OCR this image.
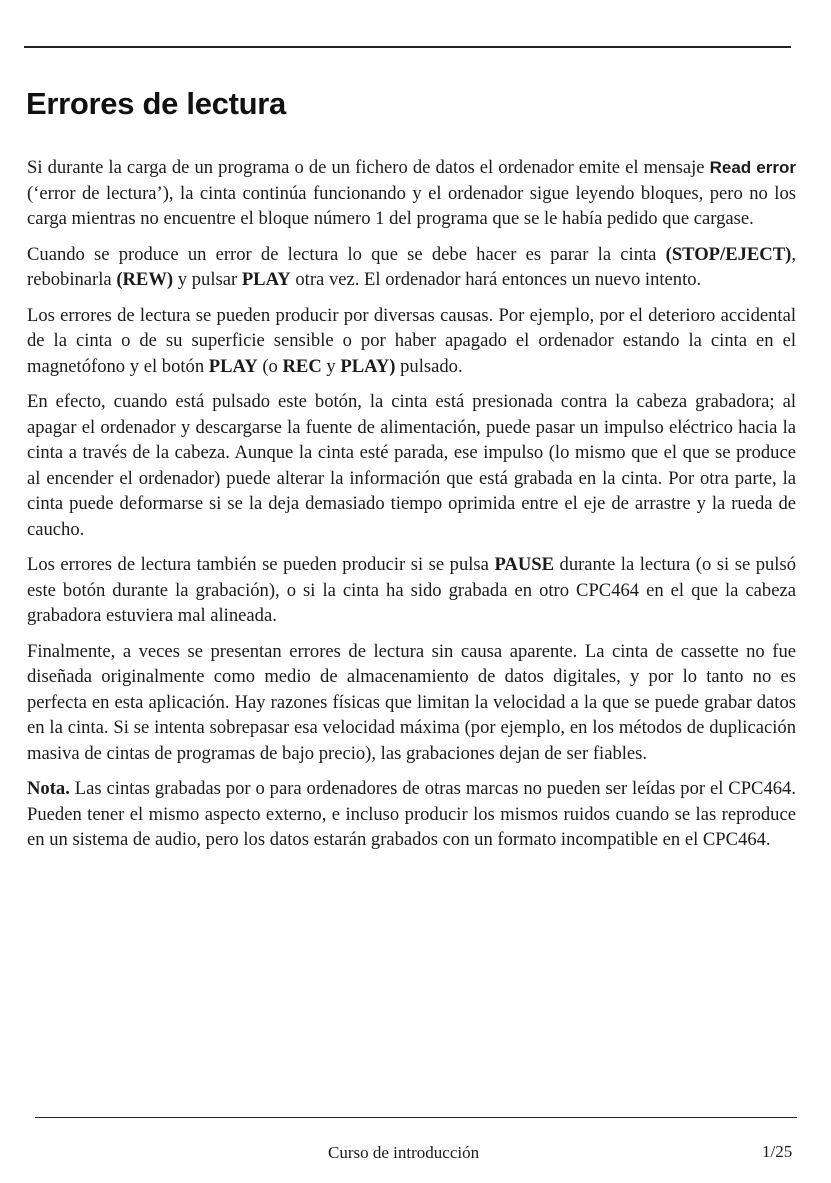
Errores de lectura

Si durante la carga de un programa o de un fichero de datos el ordenador emite el mensaje Read error (‘error de lectura’), la cinta continúa funcionando y el ordenador sigue leyendo bloques, pero no los carga mientras no encuentre el bloque número 1 del programa que se le había pedido que cargase.

Cuando se produce un error de lectura lo que se debe hacer es parar la cinta (STOP/EJECT), rebobinarla (REW) y pulsar PLAY otra vez. El ordenador hará entonces un nuevo intento.

Los errores de lectura se pueden producir por diversas causas. Por ejemplo, por el deterioro accidental de la cinta o de su superficie sensible o por haber apagado el ordenador estando la cinta en el magnetófono y el botón PLAY (o REC y PLAY) pulsado.

En efecto, cuando está pulsado este botón, la cinta está presionada contra la cabeza grabadora; al apagar el ordenador y descargarse la fuente de alimentación, puede pasar un impulso eléctrico hacia la cinta a través de la cabeza. Aunque la cinta esté parada, ese impulso (lo mismo que el que se produce al encender el ordenador) puede alterar la información que está grabada en la cinta. Por otra parte, la cinta puede deformarse si se la deja demasiado tiempo oprimida entre el eje de arrastre y la rueda de caucho.

Los errores de lectura también se pueden producir si se pulsa PAUSE durante la lectura (o si se pulsó este botón durante la grabación), o si la cinta ha sido grabada en otro CPC464 en el que la cabeza grabadora estuviera mal alineada.

Finalmente, a veces se presentan errores de lectura sin causa aparente. La cinta de cassette no fue diseñada originalmente como medio de almacenamiento de datos digitales, y por lo tanto no es perfecta en esta aplicación. Hay razones físicas que limitan la velocidad a la que se puede grabar datos en la cinta. Si se intenta sobrepasar esa velocidad máxima (por ejemplo, en los métodos de duplicación masiva de cintas de programas de bajo precio), las grabaciones dejan de ser fiables.

Nota. Las cintas grabadas por o para ordenadores de otras marcas no pueden ser leídas por el CPC464. Pueden tener el mismo aspecto externo, e incluso producir los mismos ruidos cuando se las reproduce en un sistema de audio, pero los datos estarán grabados con un formato incompatible en el CPC464.

Curso de introducción	1/25
